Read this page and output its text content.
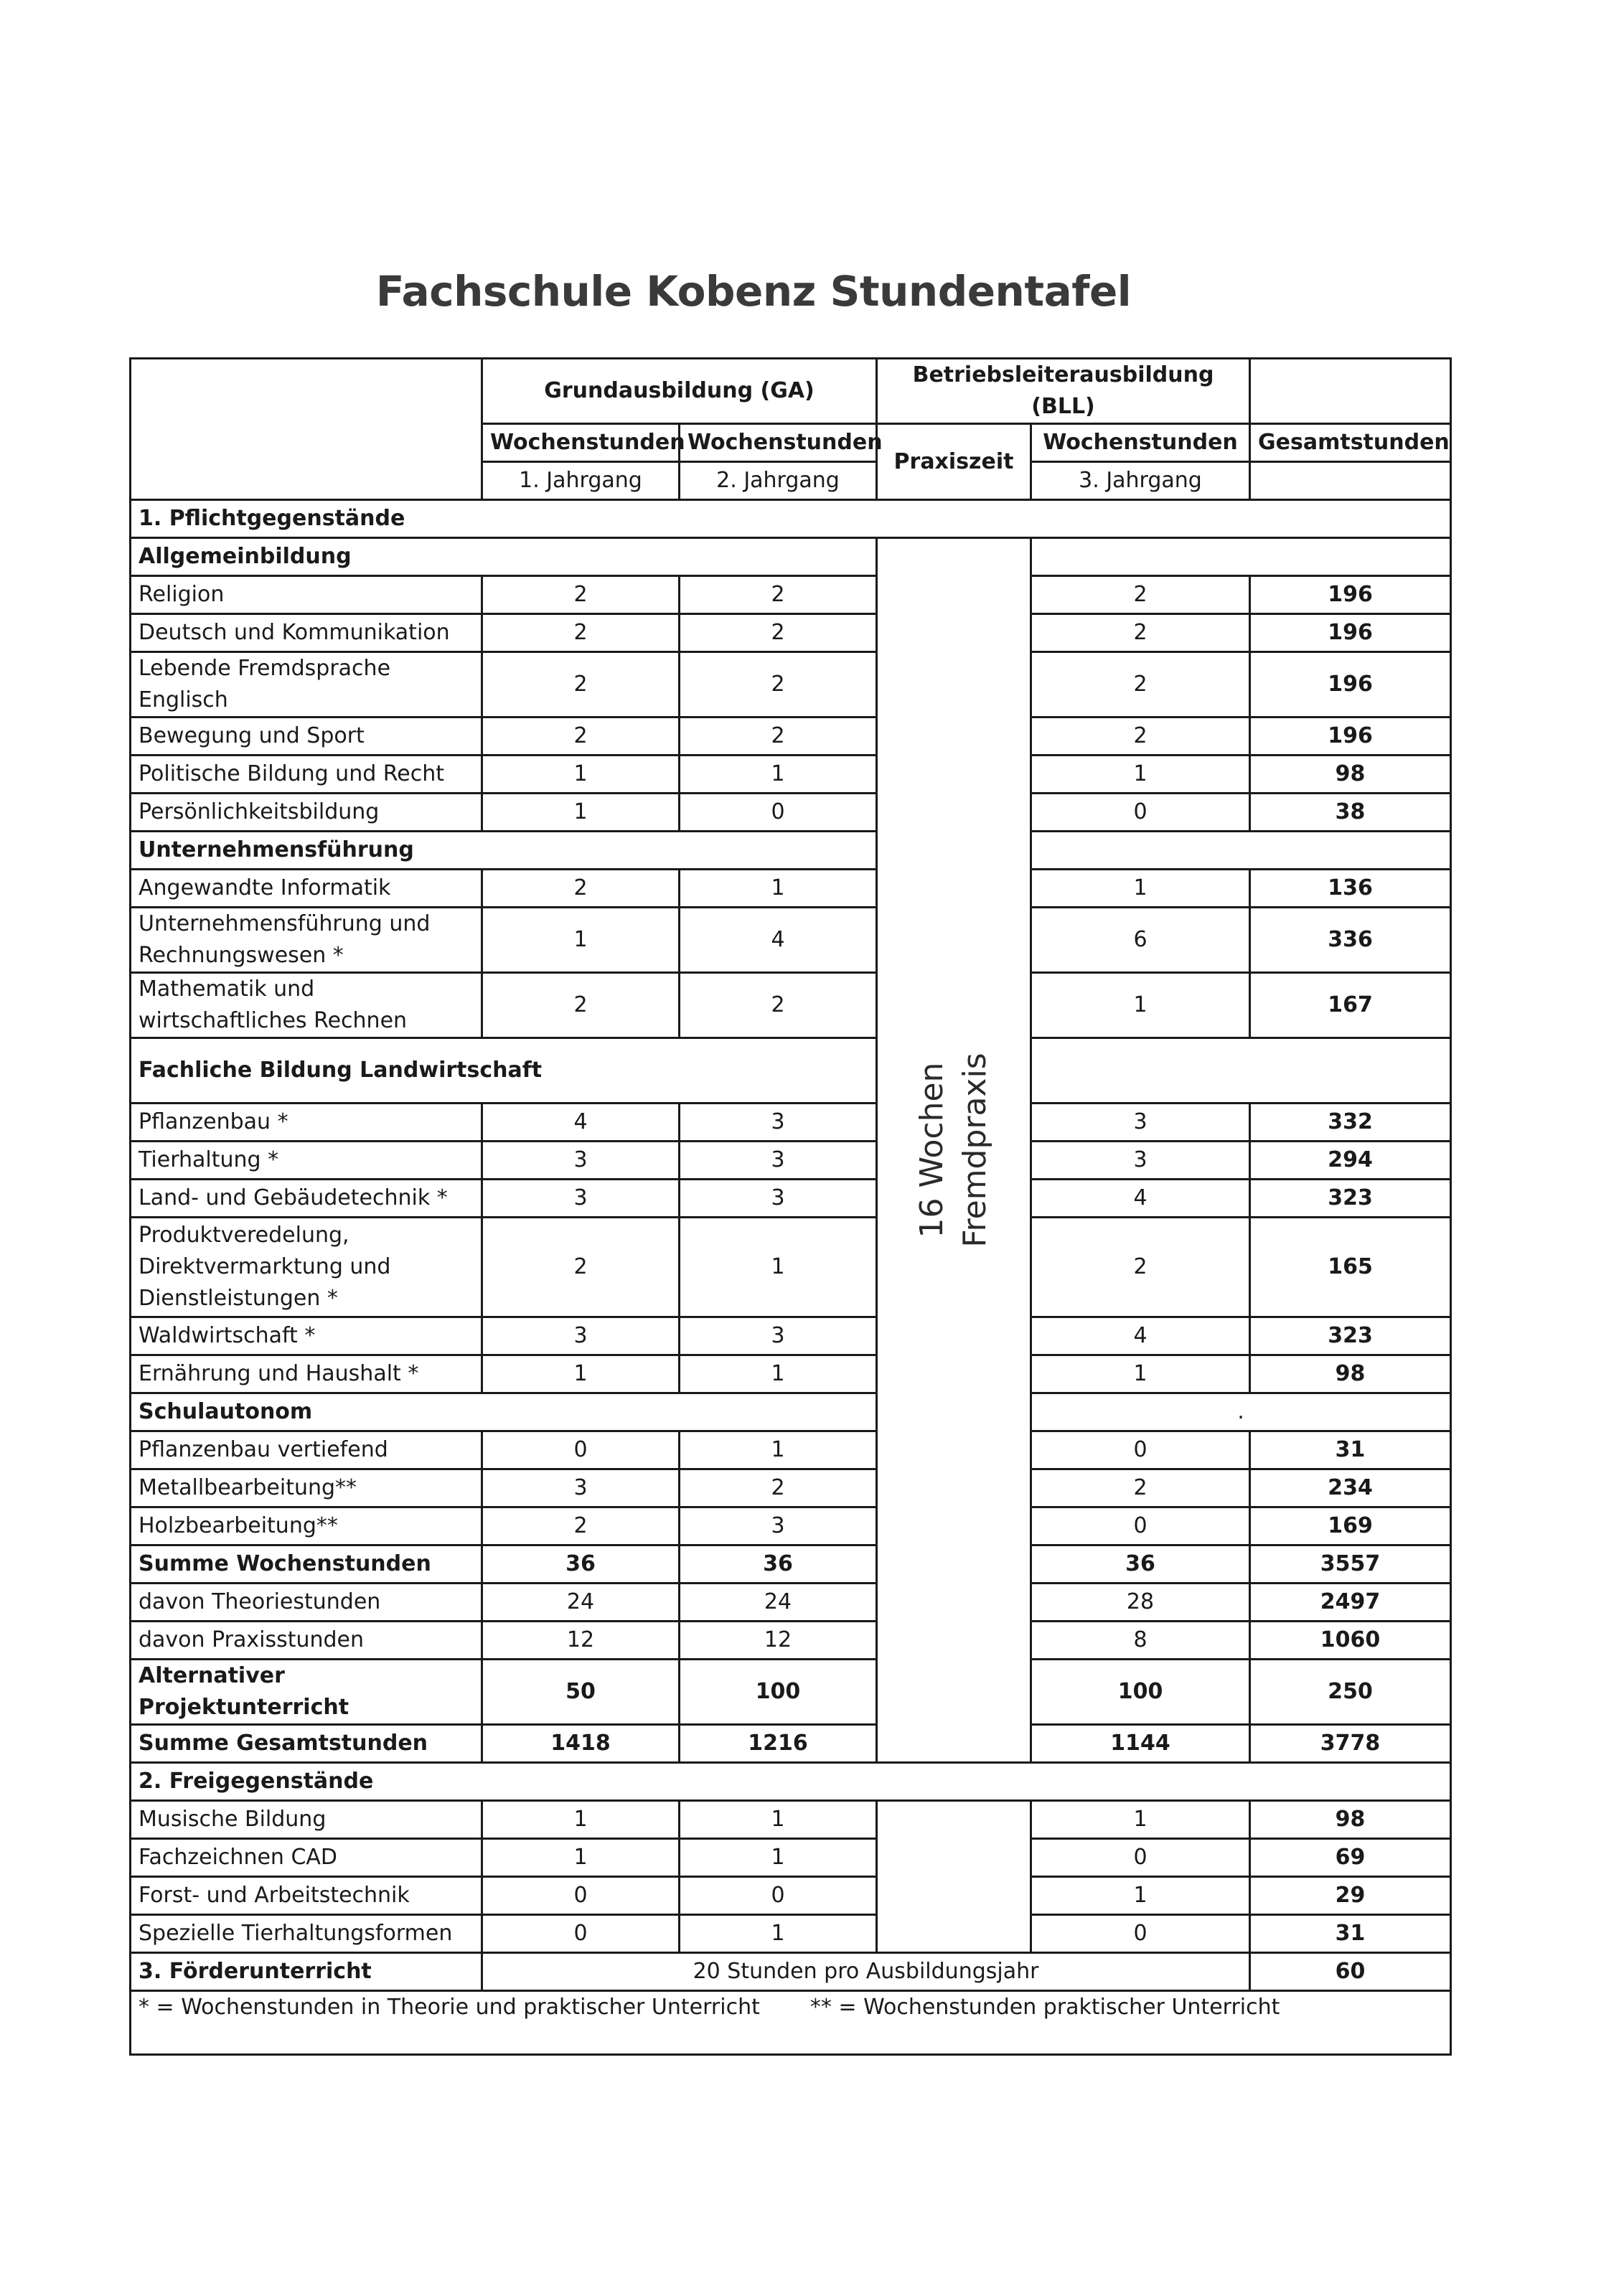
Fachschule Kobenz Stundentafel
	Grundausbildung (GA)		Betriebsleiterausbildung (BLL)		
	Wochenstunden	Wochenstunden	Praxiszeit	Wochenstunden	Gesamtstunden
	1. Jahrgang	2. Jahrgang		3. Jahrgang	
1. Pflichtgegenstände					
Allgemeinbildung			16 Wochen Fremdpraxis		

Religion	2	2		2	196
Deutsch und Kommunikation	2	2		2	196
Lebende Fremdsprache Englisch	2	2		2	196
Bewegung und Sport	2	2		2	196
Politische Bildung und Recht	1	1		1	98
Persönlichkeitsbildung	1	0		0	38
Unternehmensführung					
Angewandte Informatik	2	1		1	136
Unternehmensführung und Rechnungswesen *	1	4		6	336
Mathematik und wirtschaftliches Rechnen	2	2		1	167
Fachliche Bildung Landwirtschaft					
Pflanzenbau *	4	3		3	332
Tierhaltung *	3	3		3	294
Land- und Gebäudetechnik *	3	3		4	323
Produktveredelung, Direktvermarktung und Dienstleistungen *	2	1		2	165
Waldwirtschaft *	3	3		4	323
Ernährung und Haushalt *	1	1		1	98
Schulautonom				.	
Pflanzenbau vertiefend	0	1		0	31
Metallbearbeitung**	3	2		2	234
Holzbearbeitung**	2	3		0	169
Summe Wochenstunden	36	36		36	3557
davon Theoriestunden	24	24		28	2497
davon Praxisstunden	12	12		8	1060
Alternativer Projektunterricht	50	100		100	250
Summe Gesamtstunden	1418	1216		1144	3778
2. Freigegenstände					
Musische Bildung	1	1		1	98
Fachzeichnen CAD	1	1		0	69
Forst- und Arbeitstechnik	0	0		1	29
Spezielle Tierhaltungsformen	0	1		0	31
3. Förderunterricht	20 Stunden pro Ausbildungsjahr				60
* = Wochenstunden in Theorie und praktischer Unterricht ** = Wochenstunden praktischer Unterricht					
